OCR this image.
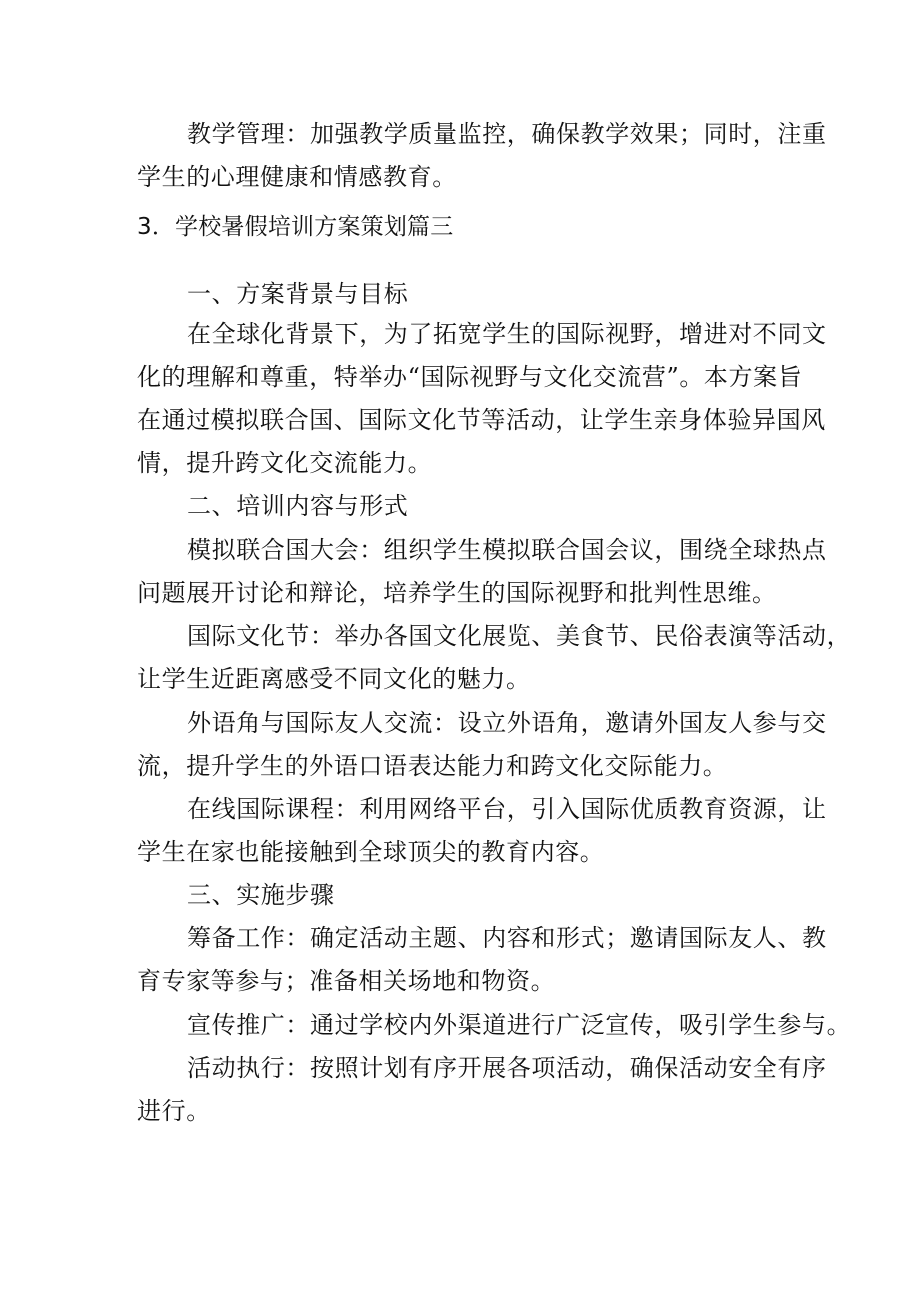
教学管理：加强教学质量监控，确保教学效果；同时，注重
学生的心理健康和情感教育。
3．学校暑假培训方案策划篇三
一、方案背景与目标
在全球化背景下，为了拓宽学生的国际视野，增进对不同文
化的理解和尊重，特举办“国际视野与文化交流营”。本方案旨
在通过模拟联合国、国际文化节等活动，让学生亲身体验异国风
情，提升跨文化交流能力。
二、培训内容与形式
模拟联合国大会：组织学生模拟联合国会议，围绕全球热点
问题展开讨论和辩论，培养学生的国际视野和批判性思维。
国际文化节：举办各国文化展览、美食节、民俗表演等活动，
让学生近距离感受不同文化的魅力。
外语角与国际友人交流：设立外语角，邀请外国友人参与交
流，提升学生的外语口语表达能力和跨文化交际能力。
在线国际课程：利用网络平台，引入国际优质教育资源，让
学生在家也能接触到全球顶尖的教育内容。
三、实施步骤
筹备工作：确定活动主题、内容和形式；邀请国际友人、教
育专家等参与；准备相关场地和物资。
宣传推广：通过学校内外渠道进行广泛宣传，吸引学生参与。
活动执行：按照计划有序开展各项活动，确保活动安全有序
进行。
